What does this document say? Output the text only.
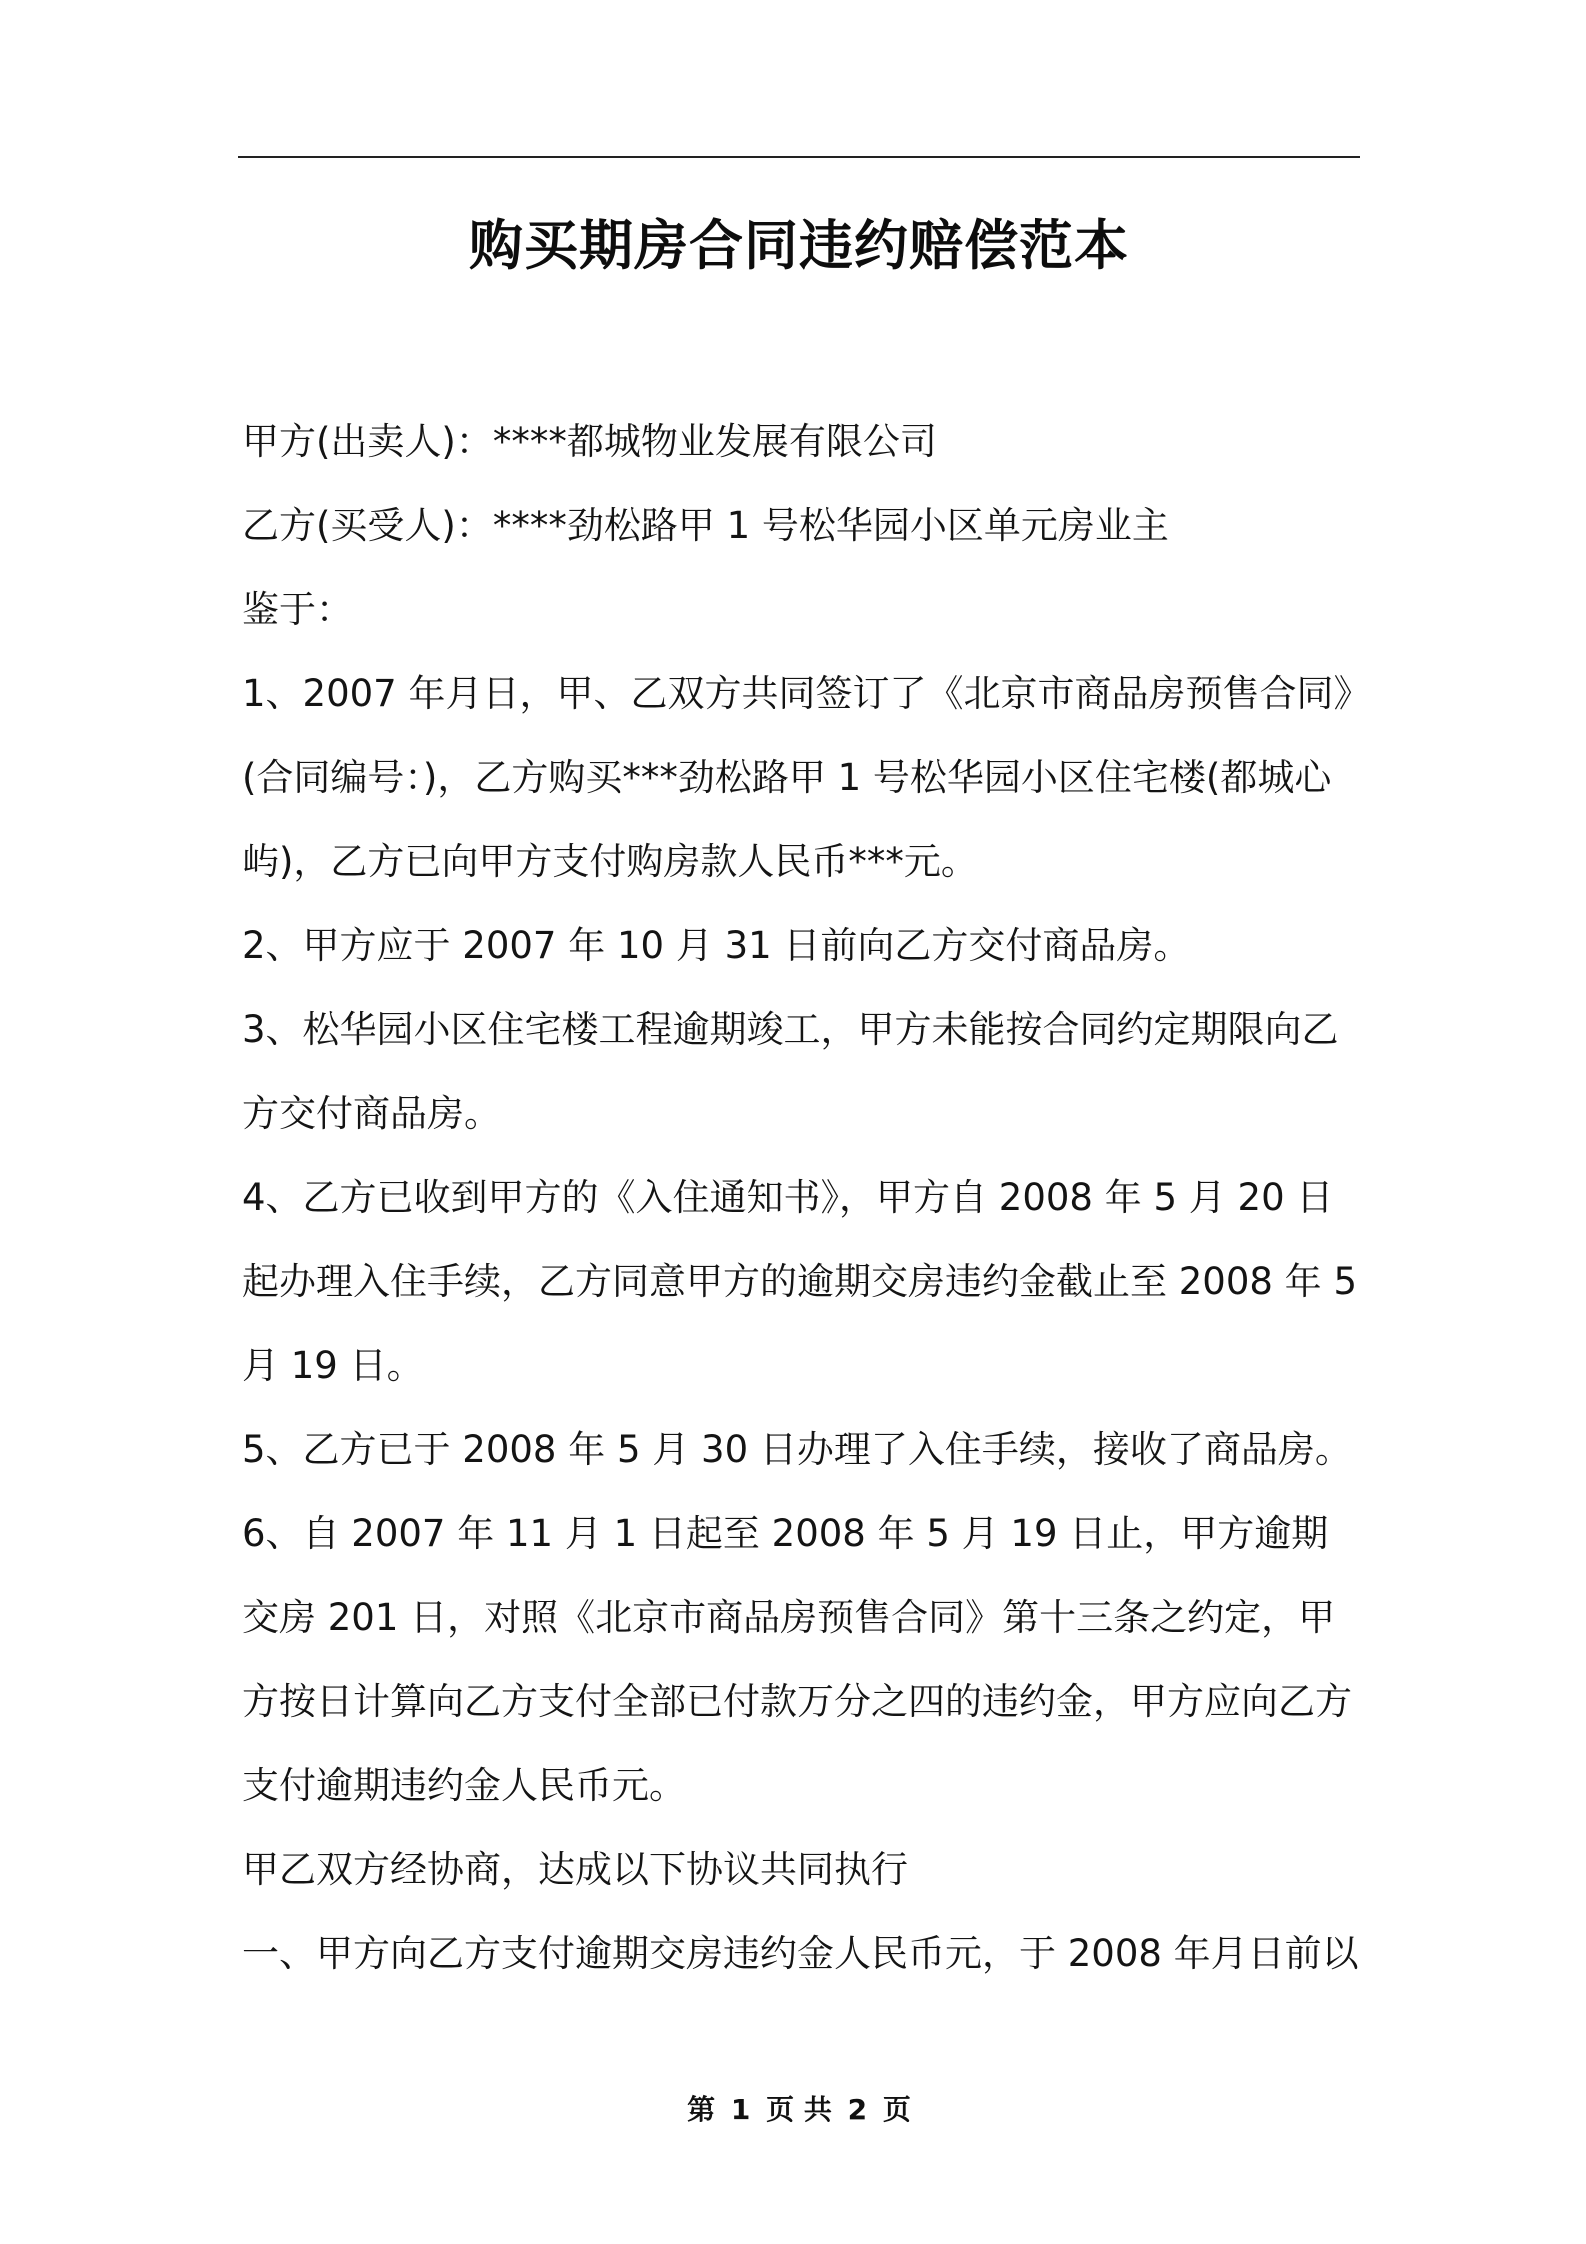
购买期房合同违约赔偿范本

甲方(出卖人)：****都城物业发展有限公司

乙方(买受人)：****劲松路甲 1 号松华园小区单元房业主

鉴于：

1、2007 年月日，甲、乙双方共同签订了《北京市商品房预售合同》(合同编号：)，乙方购买***劲松路甲 1 号松华园小区住宅楼(都城心屿)，乙方已向甲方支付购房款人民币***元。

2、甲方应于 2007 年 10 月 31 日前向乙方交付商品房。

3、松华园小区住宅楼工程逾期竣工，甲方未能按合同约定期限向乙方交付商品房。

4、乙方已收到甲方的《入住通知书》，甲方自 2008 年 5 月 20 日起办理入住手续，乙方同意甲方的逾期交房违约金截止至 2008 年 5 月 19 日。

5、乙方已于 2008 年 5 月 30 日办理了入住手续，接收了商品房。

6、自 2007 年 11 月 1 日起至 2008 年 5 月 19 日止，甲方逾期交房 201 日，对照《北京市商品房预售合同》第十三条之约定，甲方按日计算向乙方支付全部已付款万分之四的违约金，甲方应向乙方支付逾期违约金人民币元。

甲乙双方经协商，达成以下协议共同执行

一、甲方向乙方支付逾期交房违约金人民币元，于 2008 年月日前以

第 1 页 共 2 页
